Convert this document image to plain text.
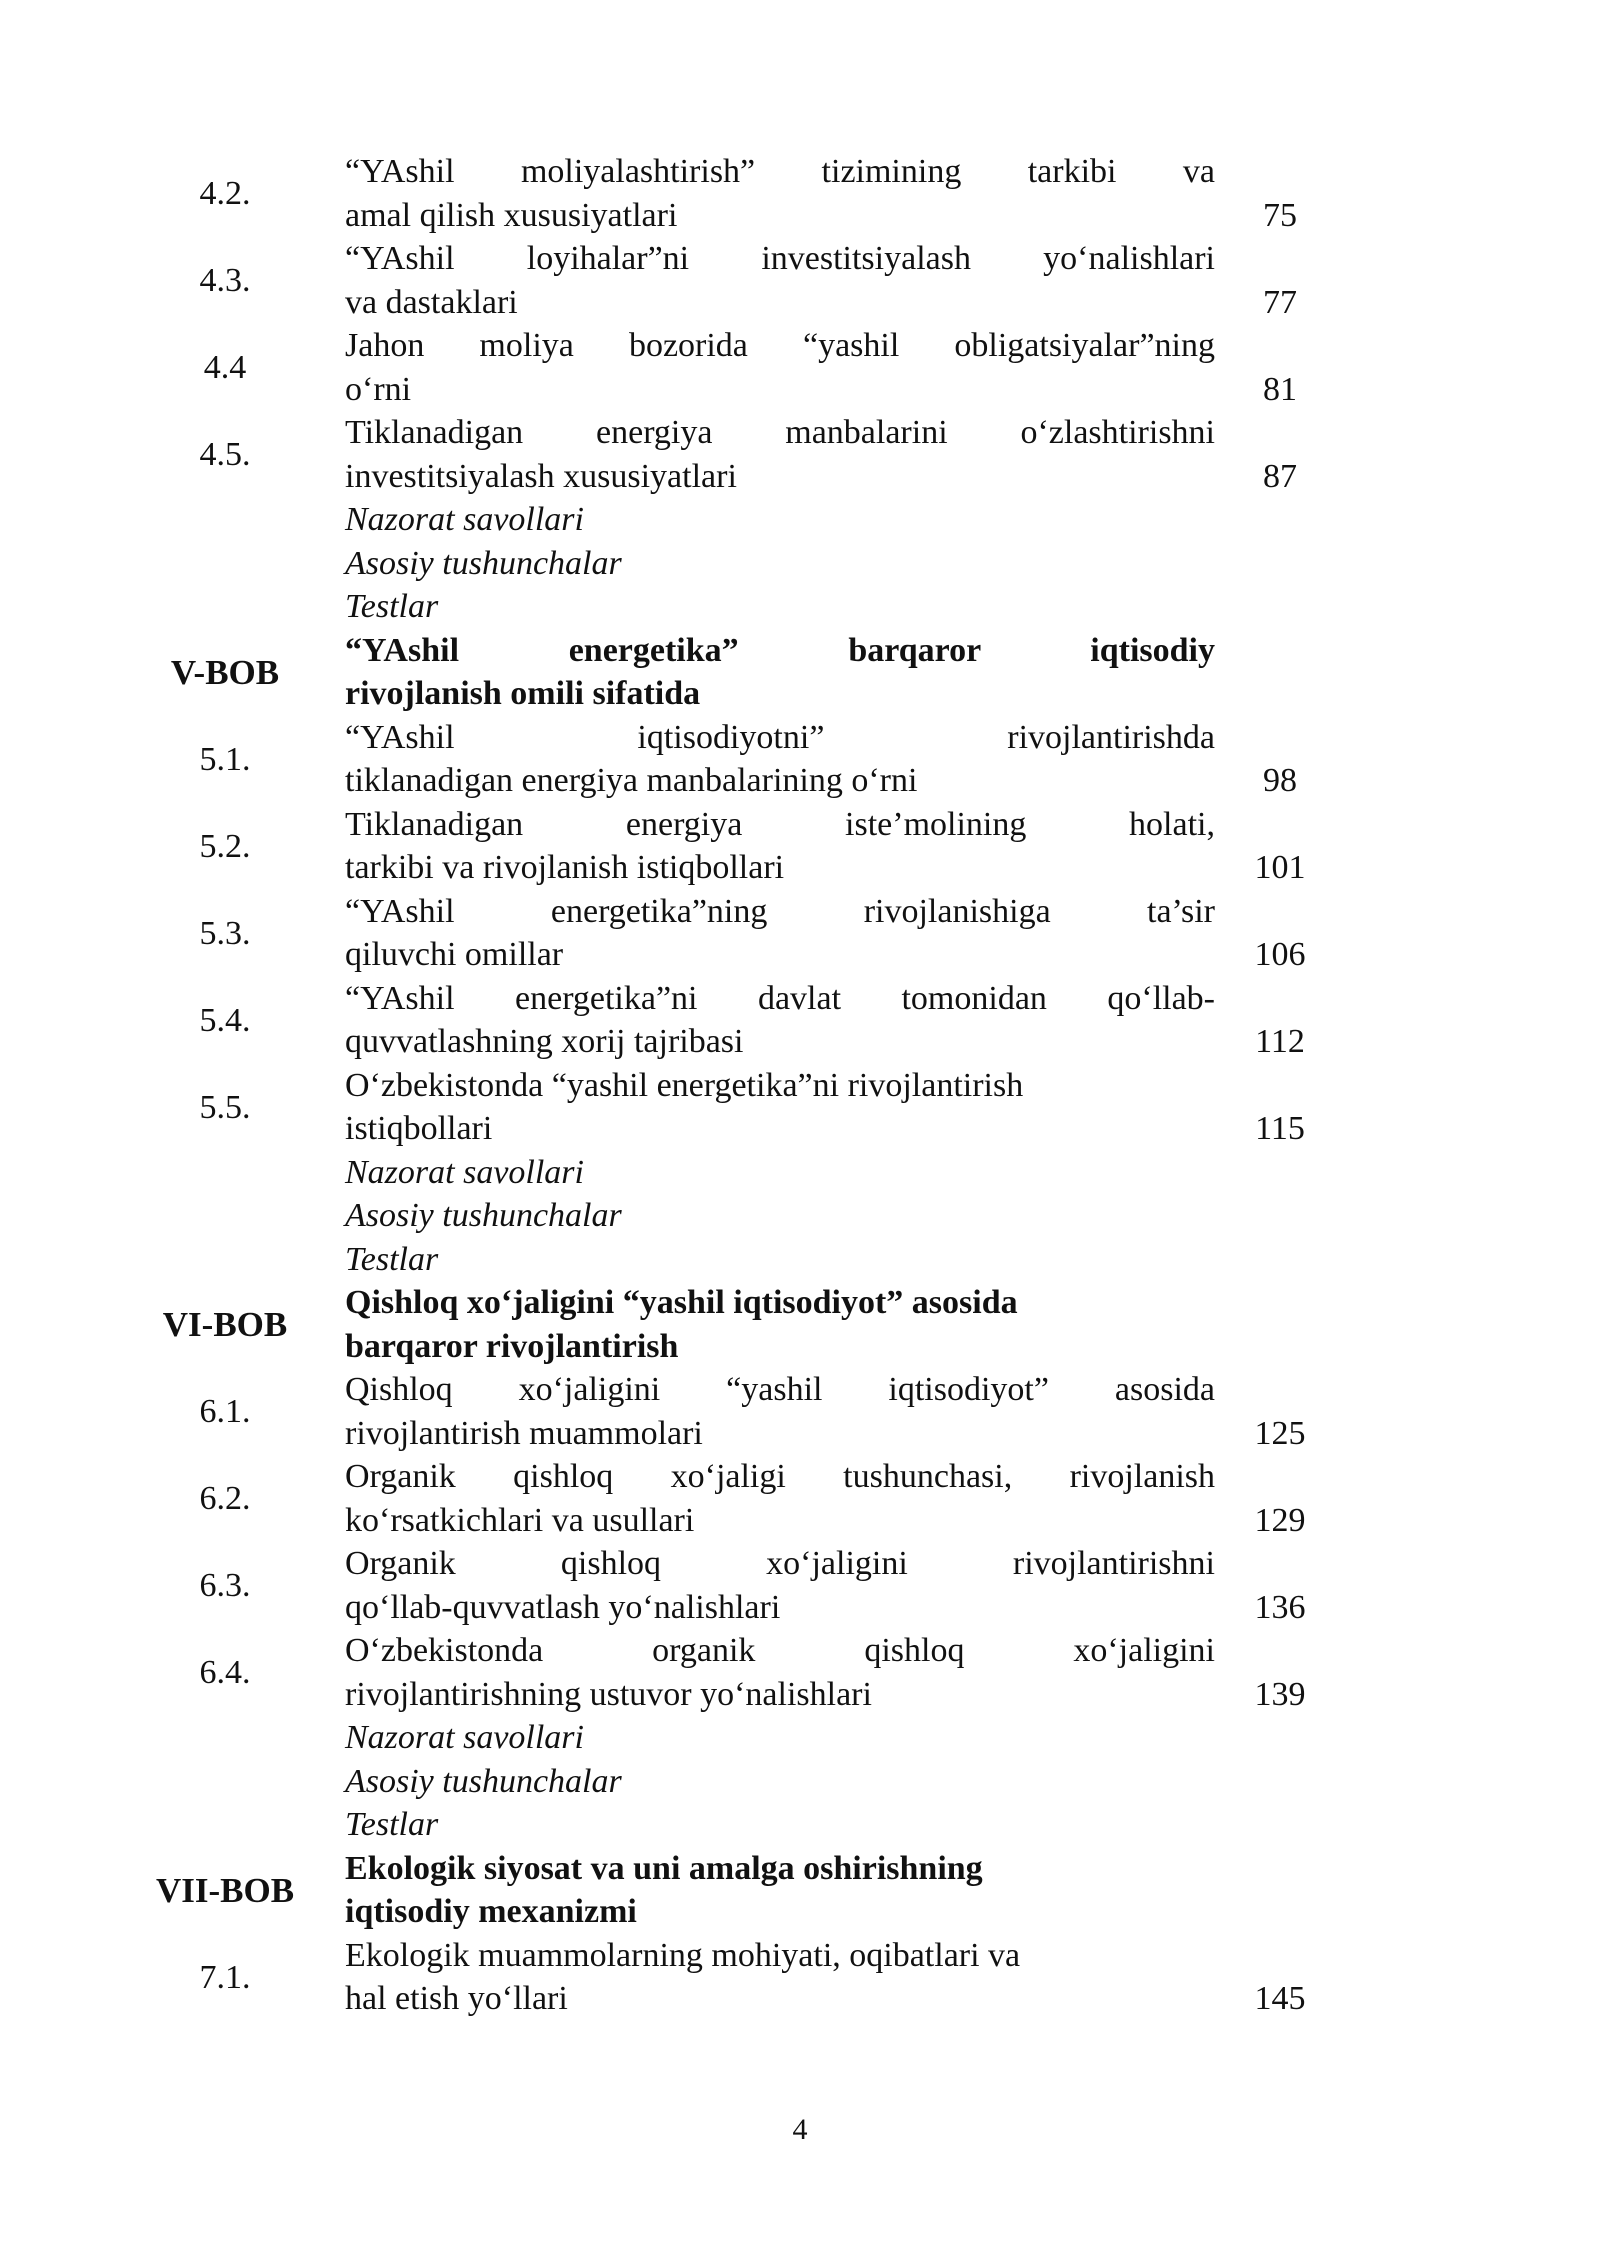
4.2.
“YAshil moliyalashtirish” tizimining tarkibi va
amal qilish xususiyatlari	75
4.3.
“YAshil loyihalar”ni investitsiyalash yo‘nalishlari
va dastaklari	77
4.4
Jahon moliya bozorida “yashil obligatsiyalar”ning
o‘rni	81
4.5.
Tiklanadigan energiya manbalarini o‘zlashtirishni
investitsiyalash xususiyatlari	87
Nazorat savollari
Asosiy tushunchalar
Testlar
V-BOB
“YAshil energetika” barqaror iqtisodiy
rivojlanish omili sifatida
5.1.
“YAshil iqtisodiyotni” rivojlantirishda
tiklanadigan energiya manbalarining o‘rni	98
5.2.
Tiklanadigan energiya iste’molining holati,
tarkibi va rivojlanish istiqbollari	101
5.3.
“YAshil energetika”ning rivojlanishiga ta’sir
qiluvchi omillar	106
5.4.
“YAshil energetika”ni davlat tomonidan qo‘llab-
quvvatlashning xorij tajribasi	112
5.5.
O‘zbekistonda “yashil energetika”ni rivojlantirish
istiqbollari	115
Nazorat savollari
Asosiy tushunchalar
Testlar
VI-BOB
Qishloq xo‘jaligini “yashil iqtisodiyot” asosida
barqaror rivojlantirish
6.1.
Qishloq xo‘jaligini “yashil iqtisodiyot” asosida
rivojlantirish muammolari	125
6.2.
Organik qishloq xo‘jaligi tushunchasi, rivojlanish
ko‘rsatkichlari va usullari	129
6.3.
Organik qishloq xo‘jaligini rivojlantirishni
qo‘llab-quvvatlash yo‘nalishlari	136
6.4.
O‘zbekistonda organik qishloq xo‘jaligini
rivojlantirishning ustuvor yo‘nalishlari	139
Nazorat savollari
Asosiy tushunchalar
Testlar
VII-BOB
Ekologik siyosat va uni amalga oshirishning
iqtisodiy mexanizmi
7.1.
Ekologik muammolarning mohiyati, oqibatlari va
hal etish yo‘llari	145
4
